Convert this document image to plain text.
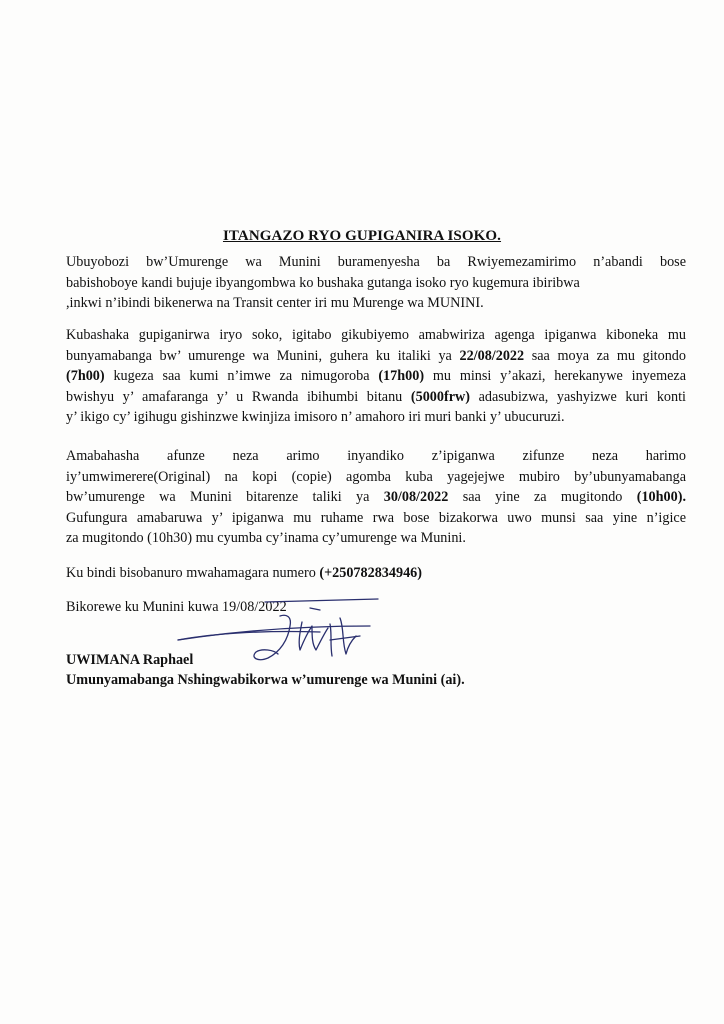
ITANGAZO RYO GUPIGANIRA ISOKO.

Ubuyobozi bw’Umurenge wa Munini buramenyesha ba Rwiyemezamirimo n’abandi bose

babishoboye kandi bujuje ibyangombwa ko bushaka gutanga isoko ryo kugemura ibiribwa

,inkwi n’ibindi bikenerwa na Transit center iri mu Murenge wa MUNINI.

Kubashaka gupiganirwa iryo soko, igitabo gikubiyemo amabwiriza agenga ipiganwa kiboneka mu

bunyamabanga bw’ umurenge wa Munini, guhera ku italiki ya 22/08/2022 saa moya za mu gitondo

(7h00) kugeza saa kumi n’imwe za nimugoroba (17h00) mu minsi y’akazi, herekanywe inyemeza

bwishyu y’ amafaranga y’ u Rwanda ibihumbi bitanu (5000frw) adasubizwa, yashyizwe kuri konti

y’ ikigo cy’ igihugu gishinzwe kwinjiza imisoro n’ amahoro iri muri banki y’ ubucuruzi.

Amabahasha afunze neza arimo inyandiko z’ipiganwa zifunze neza harimo

iy’umwimerere(Original) na kopi (copie) agomba kuba yagejejwe mubiro by’ubunyamabanga

bw’umurenge wa Munini bitarenze taliki ya 30/08/2022 saa yine za mugitondo (10h00).

Gufungura amabaruwa y’ ipiganwa mu ruhame rwa bose bizakorwa uwo munsi saa yine n’igice

za mugitondo (10h30) mu cyumba cy’inama cy’umurenge wa Munini.

Ku bindi bisobanuro mwahamagara numero (+250782834946)

Bikorewe ku Munini kuwa 19/08/2022

UWIMANA Raphael
Umunyamabanga Nshingwabikorwa w’umurenge wa Munini (ai).
